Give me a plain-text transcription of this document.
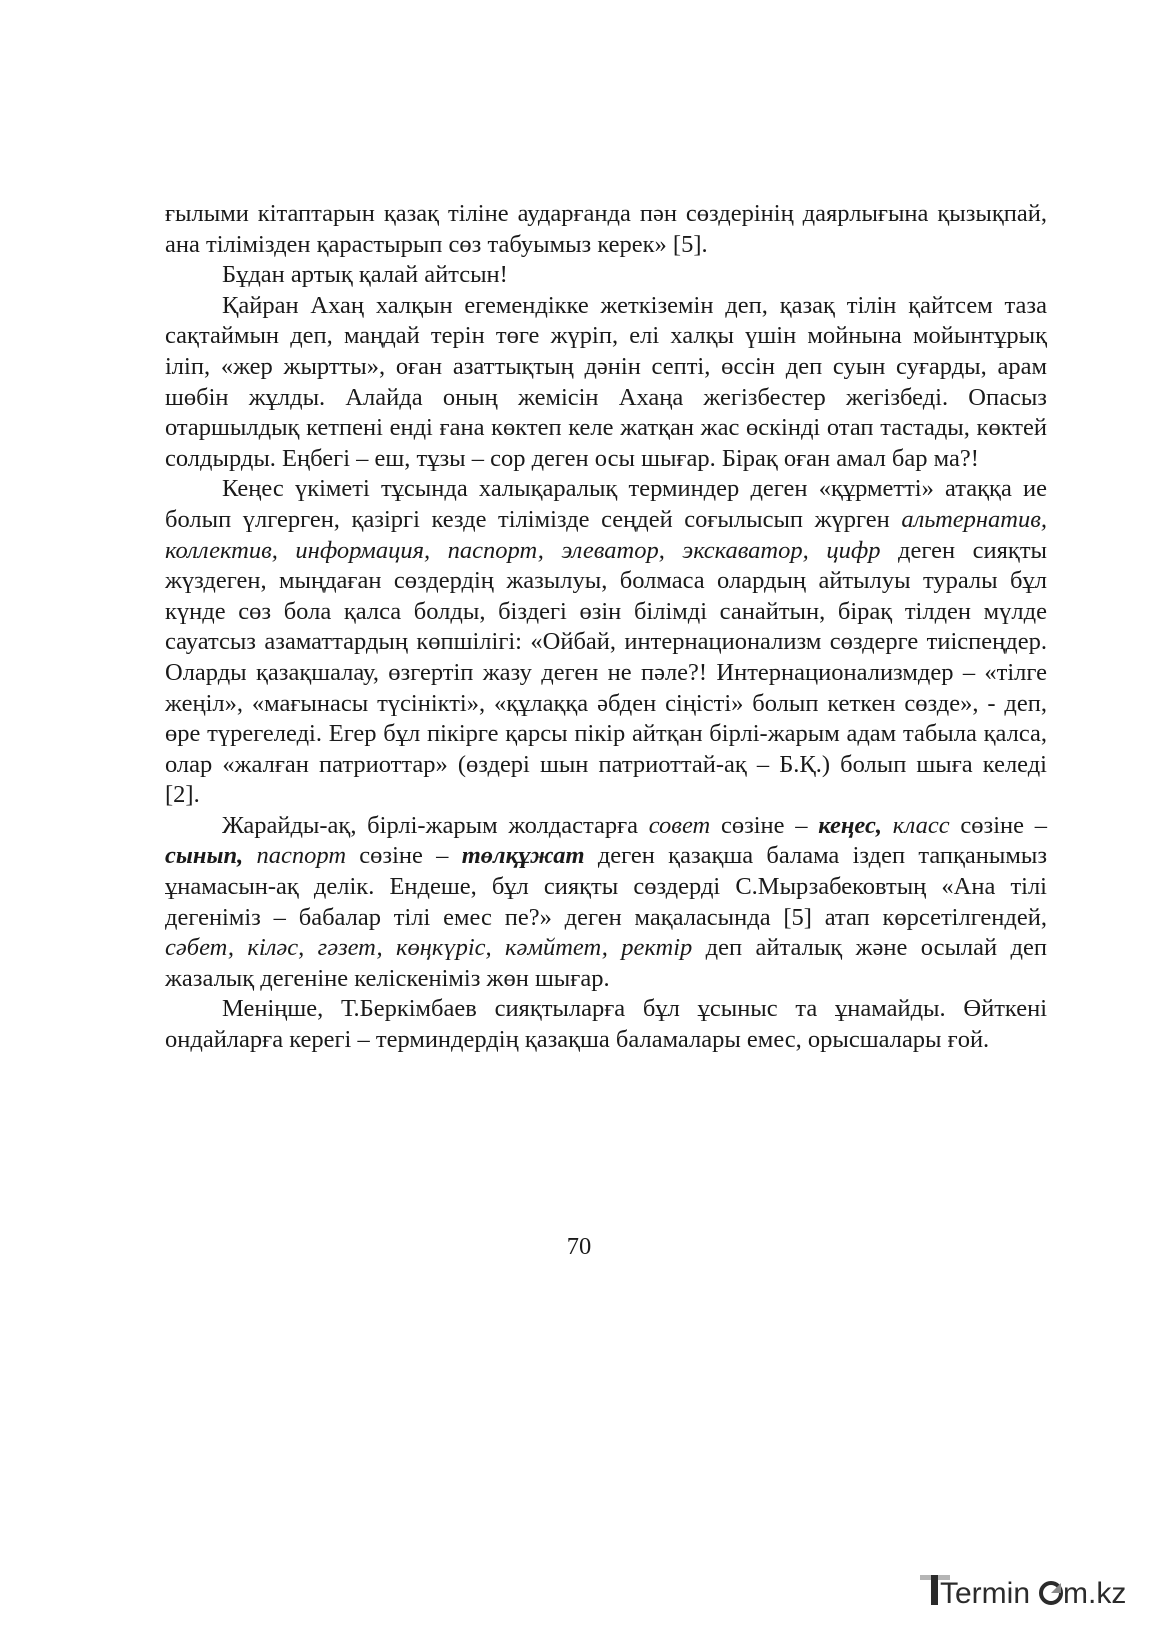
ғылыми кітаптарын қазақ тіліне аударғанда пән сөздерінің даярлығына қызықпай, ана тілімізден қарастырып сөз табуымыз керек» [5].

Бұдан артық қалай айтсын!

Қайран Ахаң халқын егемендікке жеткіземін деп, қазақ тілін қайтсем таза сақтаймын деп, маңдай терін төге жүріп, елі халқы үшін мойнына мойынтұрық іліп, «жер жыртты», оған азаттықтың дәнін септі, өссін деп суын суғарды, арам шөбін жұлды. Алайда оның жемісін Ахаңа жегізбестер жегізбеді. Опасыз отаршылдық кетпені енді ғана көктеп келе жатқан жас өскінді отап тастады, көктей солдырды. Еңбегі – еш, тұзы – сор деген осы шығар. Бірақ оған амал бар ма?!

Кеңес үкіметі тұсында халықаралық терминдер деген «құрметті» атаққа ие болып үлгерген, қазіргі кезде тілімізде сеңдей соғылысып жүрген альтернатив, коллектив, информация, паспорт, элеватор, экскаватор, цифр деген сияқты жүздеген, мыңдаған сөздердің жазылуы, болмаса олардың айтылуы туралы бұл күнде сөз бола қалса болды, біздегі өзін білімді санайтын, бірақ тілден мүлде сауатсыз азаматтардың көпшілігі: «Ойбай, интернационализм сөздерге тиіспеңдер. Оларды қазақшалау, өзгертіп жазу деген не пәле?! Интернационализмдер – «тілге жеңіл», «мағынасы түсінікті», «құлаққа әбден сіңісті» болып кеткен сөзде», - деп, өре түрегеледі. Егер бұл пікірге қарсы пікір айтқан бірлі-жарым адам табыла қалса, олар «жалған патриоттар» (өздері шын патриоттай-ақ – Б.Қ.) болып шыға келеді [2].

Жарайды-ақ, бірлі-жарым жолдастарға совет сөзіне – кеңес, класс сөзіне – сынып, паспорт сөзіне – төлқұжат деген қазақша балама іздеп тапқанымыз ұнамасын-ақ делік. Ендеше, бұл сияқты сөздерді С.Мырзабековтың «Ана тілі дегеніміз – бабалар тілі емес пе?» деген мақаласында [5] атап көрсетілгендей, сәбет, кіләс, гәзет, көңкүріс, кәмйтет, ректір деп айталық және осылай деп жазалық дегеніне келіскеніміз жөн шығар.

Меніңше, Т.Беркімбаев сияқтыларға бұл ұсыныс та ұнамайды. Өйткені ондайларға керегі – терминдердің қазақша баламалары емес, орысшалары ғой.

70
Termin m.kz
